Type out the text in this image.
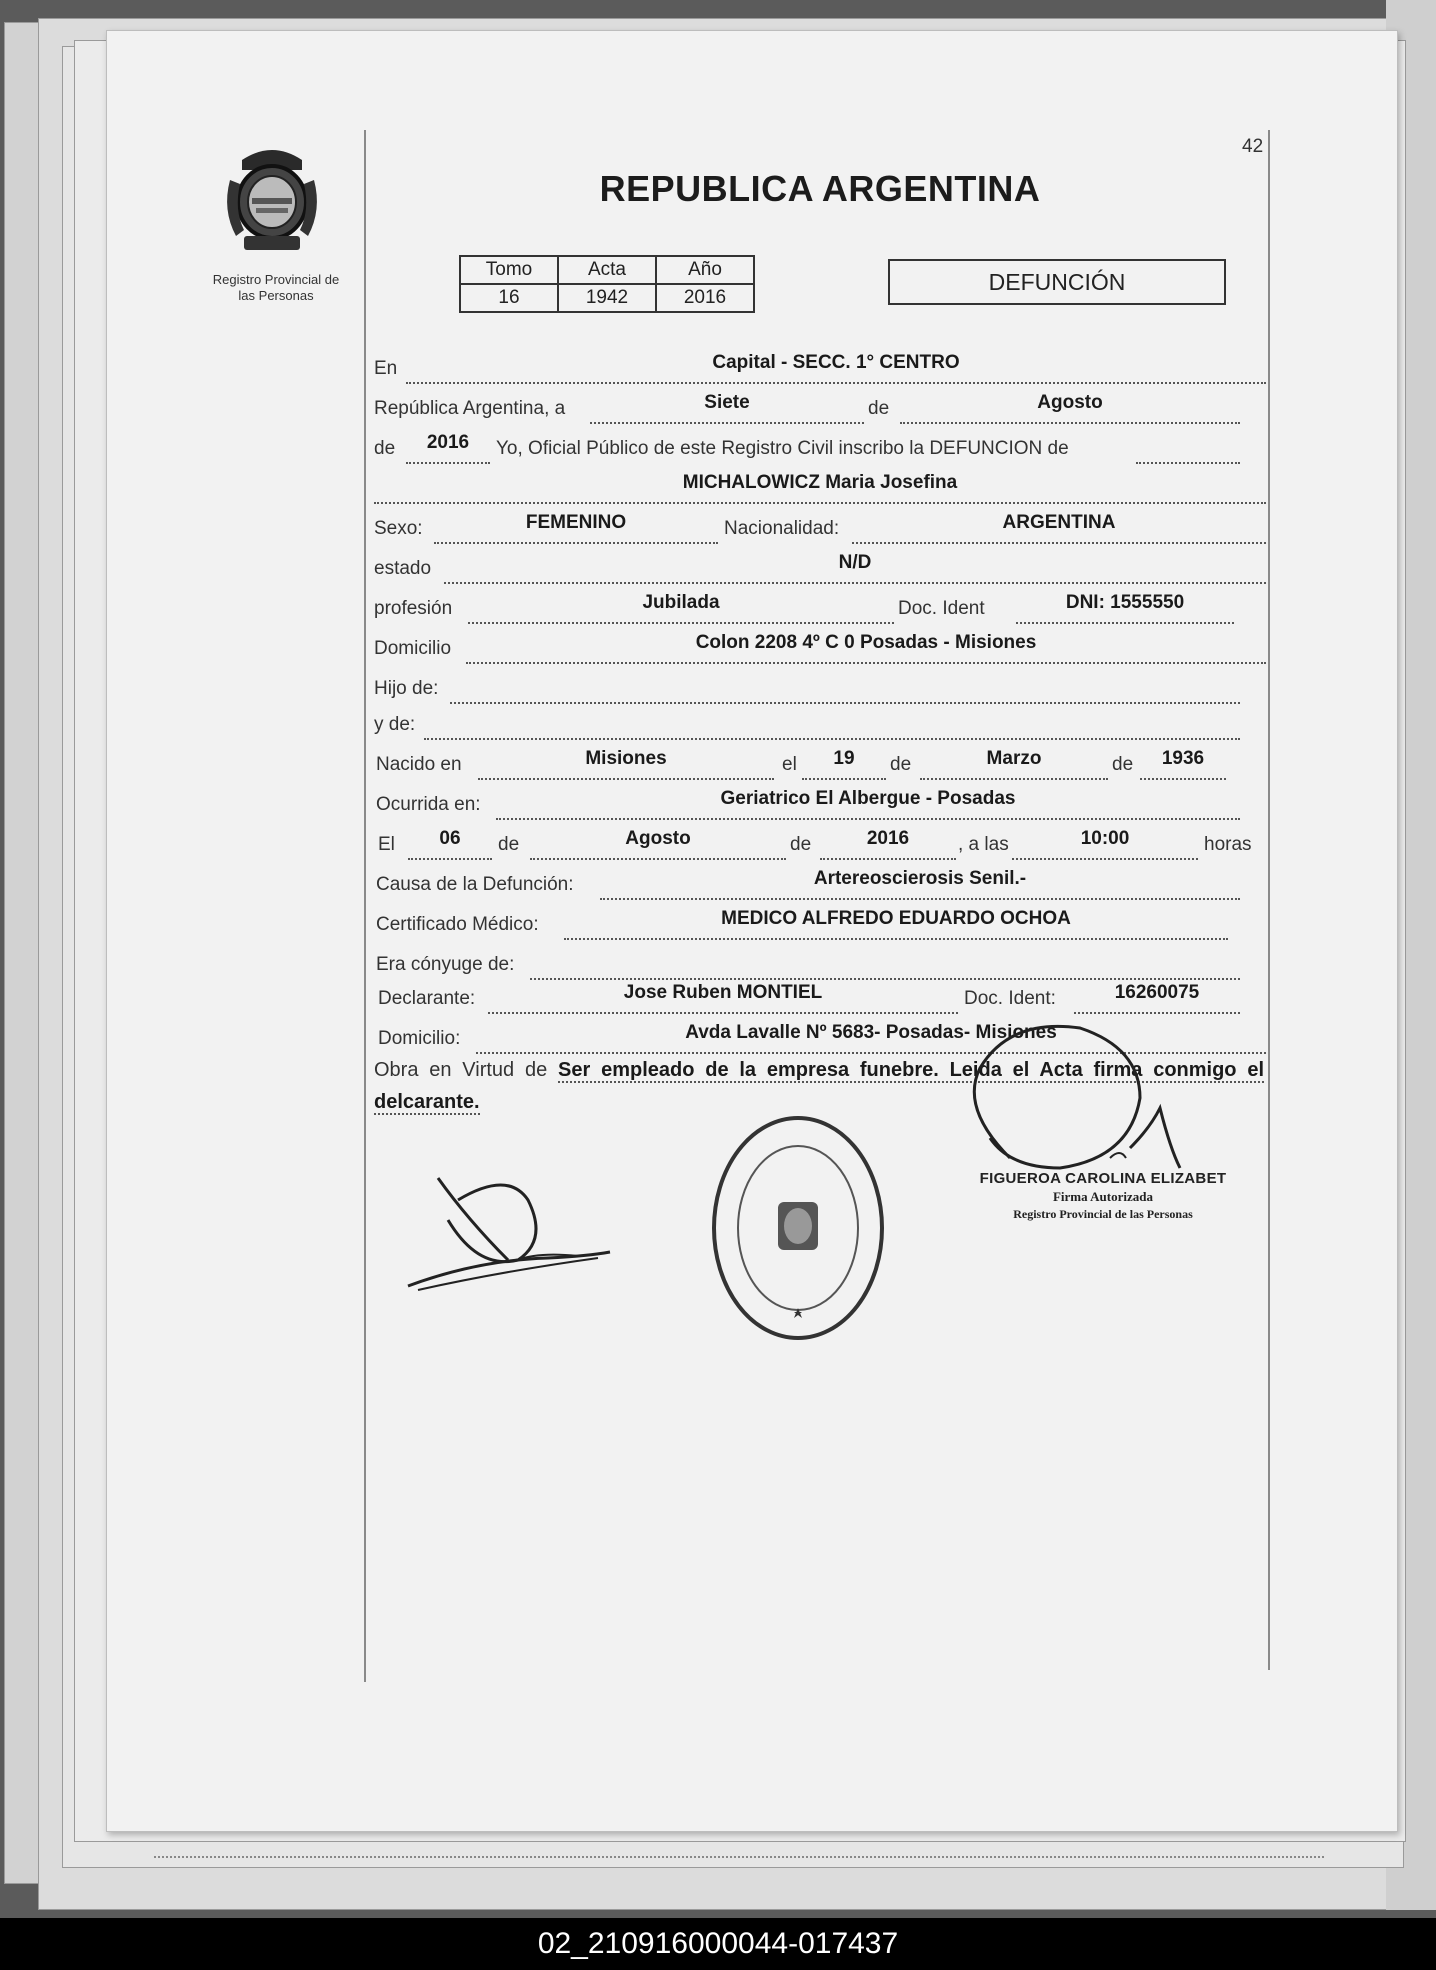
Registro Provincial de
las Personas
42
REPUBLICA ARGENTINA
Tomo	Acta	Año
16	1942	2016
DEFUNCIÓN
En	Capital - SECC. 1° CENTRO
República Argentina, a	Siete	de	Agosto
de	2016	Yo, Oficial Público de este Registro Civil inscribo la DEFUNCION de
MICHALOWICZ Maria Josefina
Sexo:	FEMENINO	Nacionalidad:	ARGENTINA
estado	N/D
profesión	Jubilada	Doc. Ident	DNI: 1555550
Domicilio	Colon 2208 4º C 0 Posadas - Misiones
Hijo de:
y de:
Nacido en	Misiones	el	19	de	Marzo	de	1936
Ocurrida en:	Geriatrico El Albergue - Posadas
El	06	de	Agosto	de	2016	, a las	10:00	horas
Causa de la Defunción:	Artereoscierosis Senil.-
Certificado Médico:	MEDICO ALFREDO EDUARDO OCHOA
Era cónyuge de:
Declarante:	Jose Ruben MONTIEL	Doc. Ident:	16260075
Domicilio:	Avda Lavalle Nº 5683- Posadas- Misiones
Obra en Virtud de Ser empleado de la empresa funebre. Leida el Acta firma conmigo el delcarante.
FIGUEROA CAROLINA ELIZABET
Firma Autorizada
Registro Provincial de las Personas
02_210916000044-017437
